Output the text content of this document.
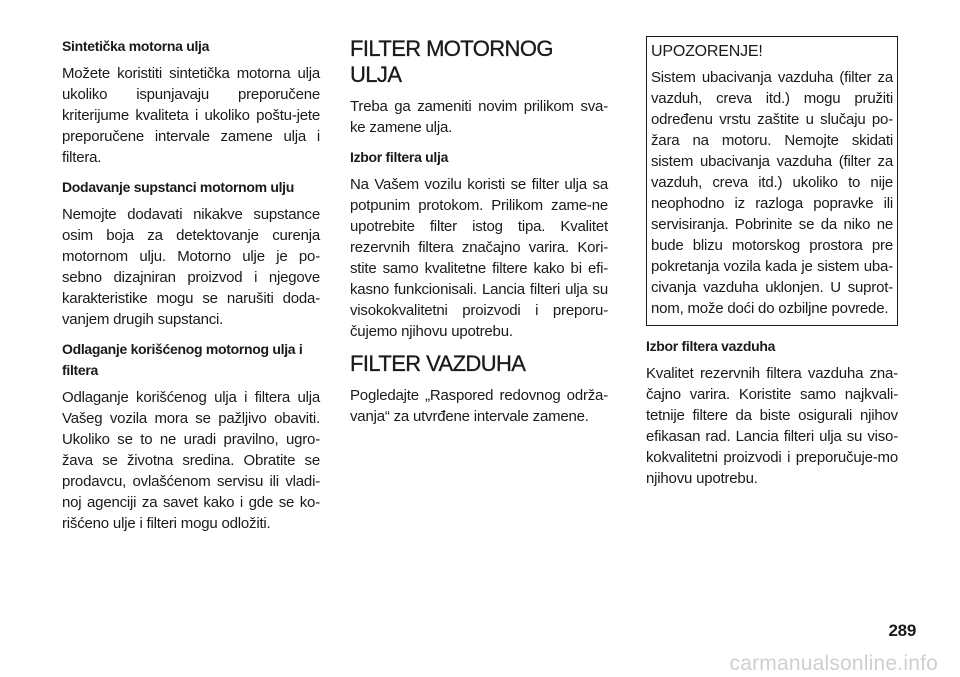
Sintetička motorna ulja
Možete koristiti sintetička motorna ulja ukoliko ispunjavaju preporučene kriterijume kvaliteta i ukoliko poštu-jete preporučene intervale zamene ulja i filtera.
Dodavanje supstanci motornom ulju
Nemojte dodavati nikakve supstance osim boja za detektovanje curenja motornom ulju. Motorno ulje je po-sebno dizajniran proizvod i njegove karakteristike mogu se narušiti doda-vanjem drugih supstanci.
Odlaganje korišćenog motornog ulja i filtera
Odlaganje korišćenog ulja i filtera ulja Vašeg vozila mora se pažljivo obaviti. Ukoliko se to ne uradi pravilno, ugro-žava se životna sredina. Obratite se prodavcu, ovlašćenom servisu ili vladi-noj agenciji za savet kako i gde se ko-rišćeno ulje i filteri mogu odložiti.
FILTER MOTORNOG ULJA
Treba ga zameniti novim prilikom sva-ke zamene ulja.
Izbor filtera ulja
Na Vašem vozilu koristi se filter ulja sa potpunim protokom. Prilikom zame-ne upotrebite filter istog tipa. Kvalitet rezervnih filtera značajno varira. Kori-stite samo kvalitetne filtere kako bi efi-kasno funkcionisali. Lancia filteri ulja su visokokvalitetni proizvodi i preporu-čujemo njihovu upotrebu.
FILTER VAZDUHA
Pogledajte „Raspored redovnog održa-vanja“ za utvrđene intervale zamene.
UPOZORENJE!
Sistem ubacivanja vazduha (filter za vazduh, creva itd.) mogu pružiti određenu vrstu zaštite u slučaju po-žara na motoru. Nemojte skidati sistem ubacivanja vazduha (filter za vazduh, creva itd.) ukoliko to nije neophodno iz razloga popravke ili servisiranja. Pobrinite se da niko ne bude blizu motorskog prostora pre pokretanja vozila kada je sistem uba-civanja vazduha uklonjen. U suprot-nom, može doći do ozbiljne povrede.
Izbor filtera vazduha
Kvalitet rezervnih filtera vazduha zna-čajno varira. Koristite samo najkvali-tetnije filtere da biste osigurali njihov efikasan rad. Lancia filteri ulja su viso-kokvalitetni proizvodi i preporučuje-mo njihovu upotrebu.
289
carmanualsonline.info
